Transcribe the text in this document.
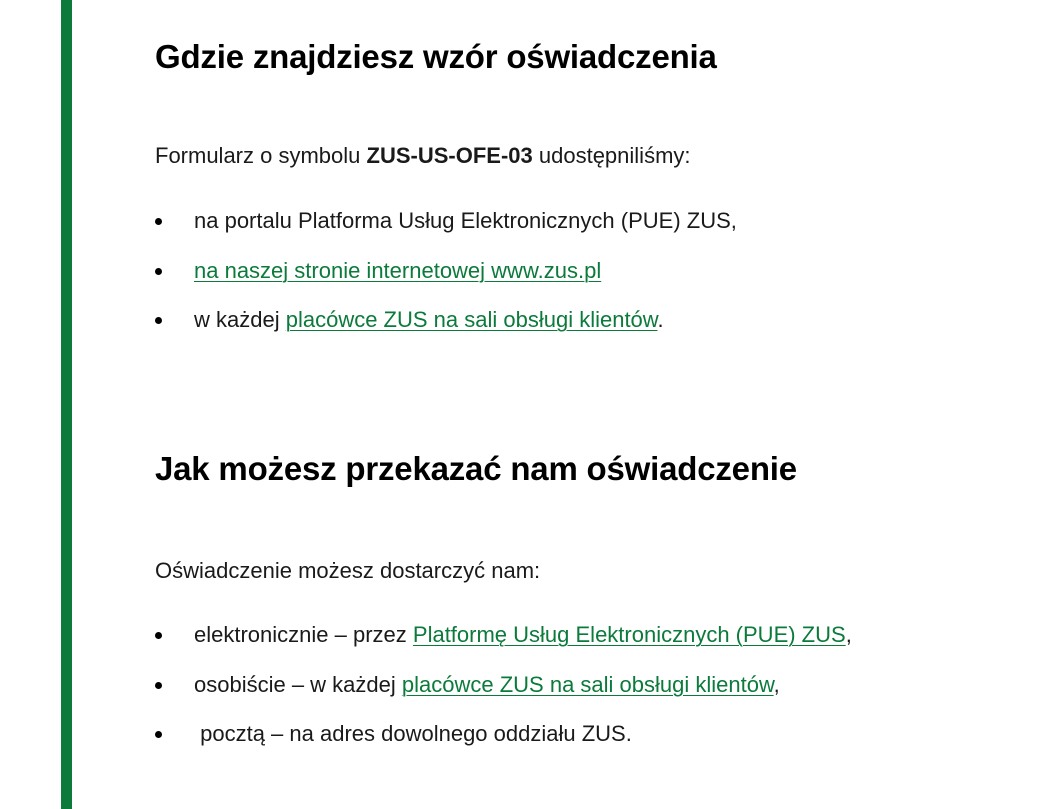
Gdzie znajdziesz wzór oświadczenia

Formularz o symbolu ZUS-US-OFE-03 udostępniliśmy:

na portalu Platforma Usług Elektronicznych (PUE) ZUS,
na naszej stronie internetowej www.zus.pl
w każdej placówce ZUS na sali obsługi klientów.
Jak możesz przekazać nam oświadczenie

Oświadczenie możesz dostarczyć nam:

elektronicznie – przez Platformę Usług Elektronicznych (PUE) ZUS,
osobiście – w każdej placówce ZUS na sali obsługi klientów,
pocztą – na adres dowolnego oddziału ZUS.
